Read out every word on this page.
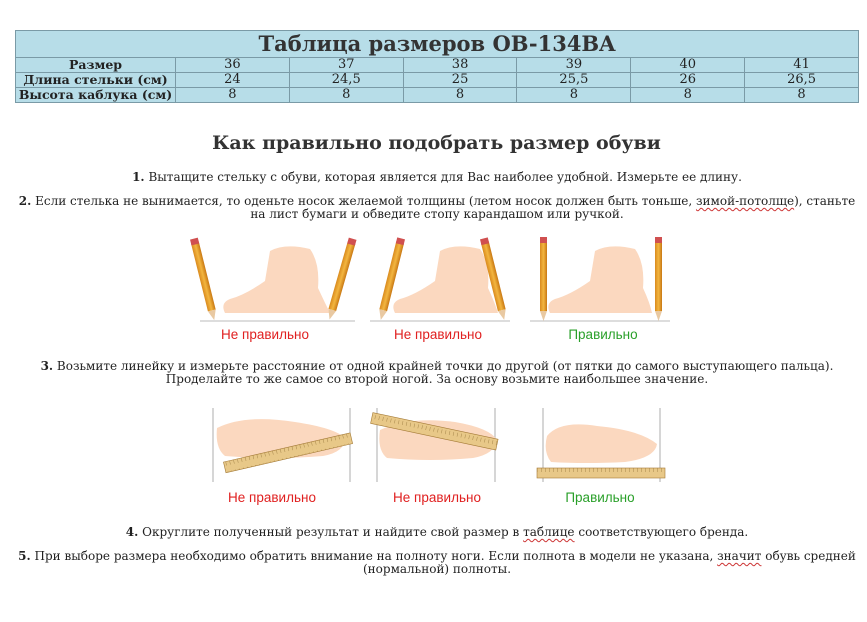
Таблица размеров OB-134BA						
Размер	36	37	38	39	40	41
Длина стельки (см)	24	24,5	25	25,5	26	26,5
Высота каблука (см)	8	8	8	8	8	8
Как правильно подобрать размер обуви
1. Вытащите стельку с обуви, которая является для Вас наиболее удобной. Измерьте ее длину.
2. Если стелька не вынимается, то оденьте носок желаемой толщины (летом носок должен быть тоньше, зимой-потолще), станьте на лист бумаги и обведите стопу карандашом или ручкой.
Не правильно	Не правильно	Правильно
3. Возьмите линейку и измерьте расстояние от одной крайней точки до другой (от пятки до самого выступающего пальца). Проделайте то же самое со второй ногой. За основу возьмите наибольшее значение.
Не правильно	Не правильно	Правильно
4. Округлите полученный результат и найдите свой размер в таблице соответствующего бренда.
5. При выборе размера необходимо обратить внимание на полноту ноги. Если полнота в модели не указана, значит обувь средней (нормальной) полноты.
